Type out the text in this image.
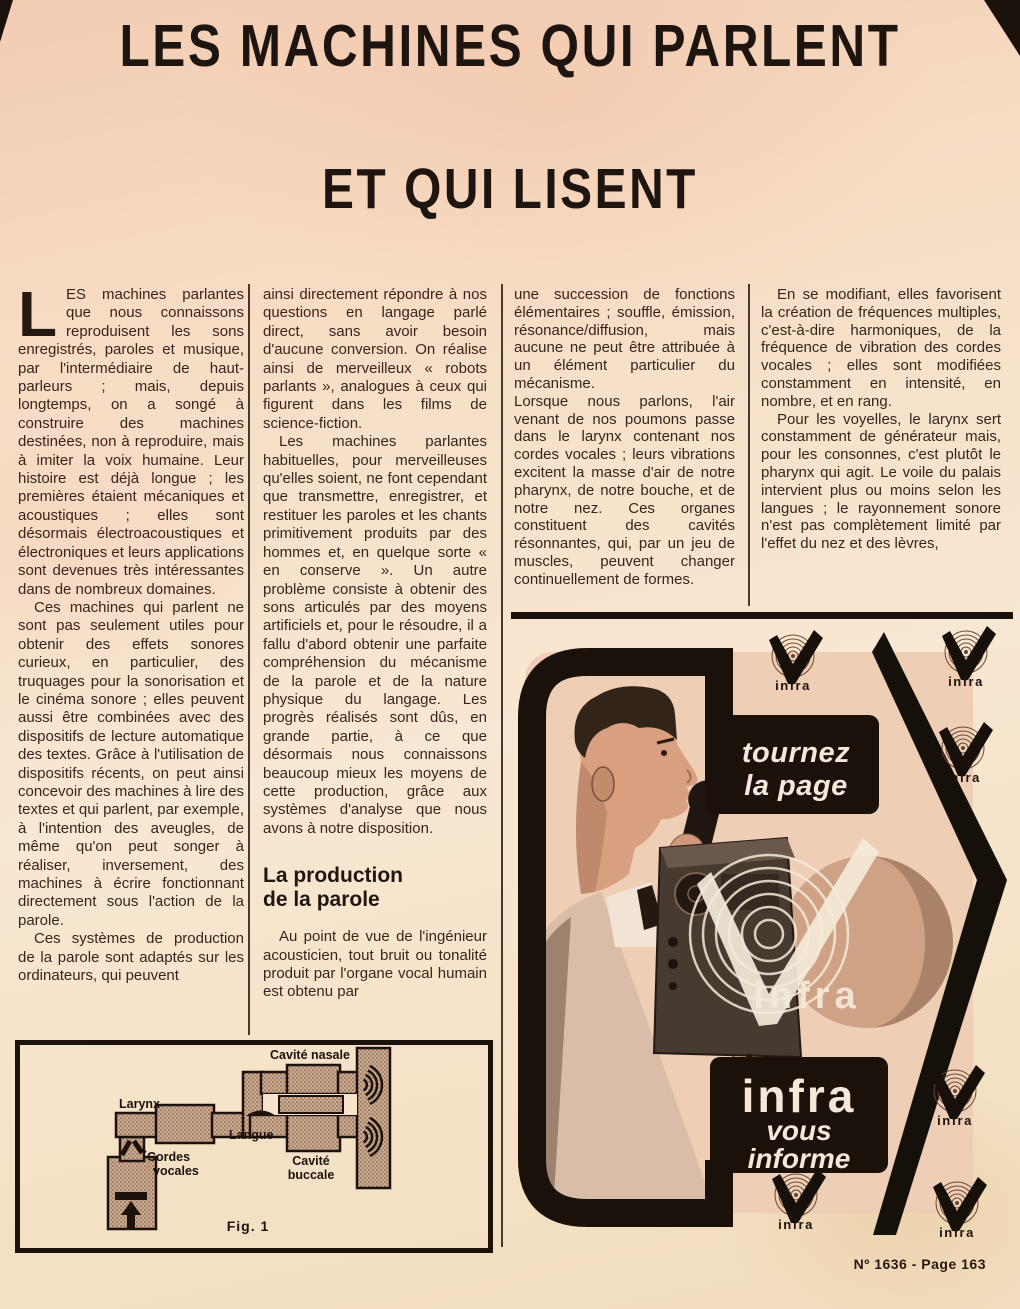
LES MACHINES QUI PARLENT
ET QUI LISENT

LES machines parlantes que nous connaissons reproduisent les sons enregistrés, paroles et musique, par l'intermédiaire de haut-parleurs ; mais, depuis longtemps, on a songé à construire des machines destinées, non à reproduire, mais à imiter la voix humaine. Leur histoire est déjà longue ; les premières étaient mécaniques et acoustiques ; elles sont désormais électroacoustiques et électroniques et leurs applications sont devenues très intéressantes dans de nombreux domaines.

Ces machines qui parlent ne sont pas seulement utiles pour obtenir des effets sonores curieux, en particulier, des truquages pour la sonorisation et le cinéma sonore ; elles peuvent aussi être combinées avec des dispositifs de lecture automatique des textes. Grâce à l'utilisation de dispositifs récents, on peut ainsi concevoir des machines à lire des textes et qui parlent, par exemple, à l'intention des aveugles, de même qu'on peut songer à réaliser, inversement, des machines à écrire fonctionnant directement sous l'action de la parole.

Ces systèmes de production de la parole sont adaptés sur les ordinateurs, qui peuvent

ainsi directement répondre à nos questions en langage parlé direct, sans avoir besoin d'aucune conversion. On réalise ainsi de merveilleux « robots parlants », analogues à ceux qui figurent dans les films de science-fiction.

Les machines parlantes habituelles, pour merveilleuses qu'elles soient, ne font cependant que transmettre, enregistrer, et restituer les paroles et les chants primitivement produits par des hommes et, en quelque sorte « en conserve ». Un autre problème consiste à obtenir des sons articulés par des moyens artificiels et, pour le résoudre, il a fallu d'abord obtenir une parfaite compréhension du mécanisme de la parole et de la nature physique du langage. Les progrès réalisés sont dûs, en grande partie, à ce que désormais nous connaissons beaucoup mieux les moyens de cette production, grâce aux systèmes d'analyse que nous avons à notre disposition.

La production
de la parole

Au point de vue de l'ingénieur acousticien, tout bruit ou tonalité produit par l'organe vocal humain est obtenu par

une succession de fonctions élémentaires ; souffle, émission, résonance/diffusion, mais aucune ne peut être attribuée à un élément particulier du mécanisme.

Lorsque nous parlons, l'air venant de nos poumons passe dans le larynx contenant nos cordes vocales ; leurs vibrations excitent la masse d'air de notre pharynx, de notre bouche, et de notre nez. Ces organes constituent des cavités résonnantes, qui, par un jeu de muscles, peuvent changer continuellement de formes.

En se modifiant, elles favorisent la création de fréquences multiples, c'est-à-dire harmoniques, de la fréquence de vibration des cordes vocales ; elles sont modifiées constamment en intensité, en nombre, et en rang.

Pour les voyelles, le larynx sert constamment de générateur mais, pour les consonnes, c'est plutôt le pharynx qui agit. Le voile du palais intervient plus ou moins selon les langues ; le rayonnement sonore n'est pas complètement limité par l'effet du nez et des lèvres,

Cavité nasale
Larynx
Cordes
vocales
Langue
Cavité
buccale
Fig. 1
infra
tournez
la page
infra
vous
informe
infra	infra
infra
infra
infra
infra
Nº 1636 - Page 163
